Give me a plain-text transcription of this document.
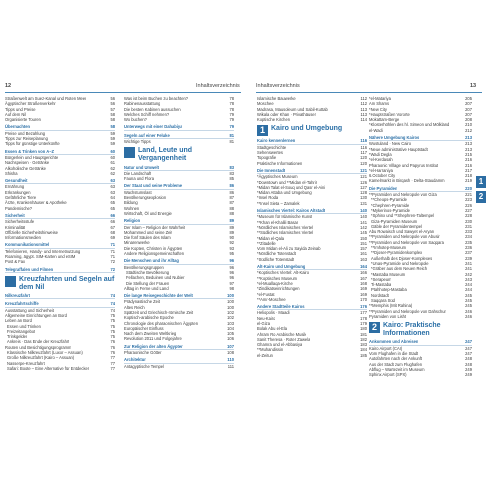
12	Inhaltsverzeichnis	Inhaltsverzeichnis	13
Straßenwelt am Suez-Kanal und Roten Meer	56
Ägyptischer Straßenverkehr	56
Tipps und Preise	57
Auf dem Nil	58
Organisierte Touren	58
Übernachten	58
Preise und Bezahlung	59
Tipps zur Reiseplanung	59
Tipps für günstige Unterkünfte	59
Essen & Trinken von A–Z	60
Bürgerlein und Hauptgerichte	60
Nachspeisen · Getränke	61
Alkoholische Getränke	62
Shisha	62
Gesundheit	63
Ernährung	63
Erkrankungen	63
Gefährliche Tiere	64
Ärzte, Krankenhäuser & Apotheke	65
Pandemische?	65
Sicherheit	66
Sicherheitsstufe	66
Kriminalität	67
Offizielle Sicherheitshinweise	68
Informationsmedien	69
Kommunikationsmittel	71
Telefonieren, Handy- und Internetnutzung	71
Roaming, ägypt. SIM-Karten und eSIM	71
Post & Fax	72
Telegraffalen und Filmen	72
Kreuzfahrten und Segeln auf dem Nil
Nilkreuzfahrt	74
Kreuzfahrtschiffe	74
Ausstattung und Sicherheit	74
Allgemeine Einrichtungen an Bord	75
Leben an Bord	75
Essen und Trinken	75
Freizeitangebot	75
Trinkgelder	75
Ankreis · Das Ende der Kreuzfahrt	76
Routen und Besichtigungsprogramm	76
Klassische Nilkreuzfahrt (Luxor – Assuan)	76
Große Nilkreuzfahrt (Kairo – Assuan)	77
Nasserpe-Kreuzfahrt	77
Safari: Boote – Eine Alternative für Entdecker	77
Was ist beim Buchen zu beachten?	78
Rabinenausstattung	78
Die besten Kabinen aussuchen	78
Welches Schiff nehmen?	79
Wo buchen?	79
Unterwegs mit einer Dahabiya	79
Segeln auf einer Feluke	81
Wichtige Tipps	81
Land, Leute und Vergangenheit
Natur und Umwelt	83
Die Landschaft	83
Fauna und Flora	85
Der Staat und seine Probleme	86
Wachstumslast	86
Bevölkerungsexplosion	87
Bildung	87
Wohnen	88
Wirtschaft, Öl und Energie	88
Religion	89
Der Islam – Religion der Wahrheit	89
Mohammed und seine Zeit	89
Die fünf Säulen des Islam	90
Minarenwerke	92
Die Kopten, Christen in Ägypten	93
Andere Religionsgemeinschaften	95
Die Menschen und ihr Alltag	96
Bevölkerungsgruppen	96
Städtische Bevölkerung	96
Fellachen, Beduinen und Nubier	96
Die Stellung der Frauen	97
Alltag in Ferne und Land	98
Die lange Reisegeschichte der Welt	100
Prädynastische Zeit	100
Altes Reich	100
Spätzeit und Griechisch-römische Zeit	102
Koptisch-arabische Epoche	102
Chronologie des pharaonischen Ägypten	103
Europäischer Einfluss	104
Nach dem Zweiten Weltkrieg	105
Revolution 2011 und Folgejahre	106
Zur Religion der alten Ägypter	107
Pharaonische Götter	108
Architektur	110
Antagyptische Tempel	111
Islamische Bauwerke	112
Moschee	112
Madrasa, Mausoleum und Sabil-Kuttab	113
Wikala oder Khan · Privathäuser	113
Koptische Kirchen	114
1 Kairo und Umgebung
Kairo kennenlernen	116
Stadtgeschichte	116
Sehenswertes	117
Topografie	120
Praktische Informationen	120
Die Innenstadt	121
*Ägyptisches Museum	121
*Downtown und **Midan el-Tahrir	126
*Midan Talat el-Souq und Qasr el-Aini	127
*Midan Attaba und Umgebung	128
*Insel Roda	130
**Insel Sieta – Zamalek	131
Islamisches Viertel: Kairos Altstadt	140
*Museum für Islamische Kunst	140
**Khan el-Khalili Basar	141
*Nördliches Islamisches Viertel	142
**Südliches Islamisches Viertel	145
*Midan el-Qala	150
**Zitadelle	151
Vom Midan el-Ali zu Sayida Zeinab	157
*Nördliche Totenstadt	161
*Südliche Totenstadt	163
Alt-Kairo und Umgebung	164
*Koptisches Viertel: Alt-Kairo	166
**Koptisches Museum	167
*el-Muallaqa-Kirche	168
*Zindikatseinrichtungen	169
*el-Fustat	169
**Amr-Moschee	170
Andere Stadtteile Kairos	176
Heliopolis · Maadi	177
Neu-Kairo	178
el-Giza	179
Bolak Abu el-Ela	180
Ahram Ro Arabische Musik	181
Sanit Theresa · Roter Zawela	182
Ghamra und el-Abbasiya	183
**Muhandissin	184
el-Zeitun	185
*el-Matariya	205
Am Shams	207
*New City	207
*Hauptstraßen Vororte	207
Mokattam-Berge	208
*Klosterhöhlen des hl. Simeon und Mölkland	210
el-Wadi	212
Nähere Umgebung Kairos	213
Wustuland · New Cairo	213
*Neue administrative Hauptstadt	213
*Wadi Degla	215
*el-Kerdasah	216
Pharaonic Village und Papyrus Institut	216
*el-Harraniya	217
6.October City	218
Kamelmarkt in Birqash · Delta-Staudamm	219
Die Pyramiden	220
**Pyramiden und Nekropole von Giza	221
**Cheops-Pyramide	223
*Chephren-Pyramide	226
*Mykerinos-Pyramide	227
*Sphinx und **Shephren-Taltempel	228
Giza-Pyramiden Museum	230
Gäble der Pyramidentempel	231
Abu Rowaisch und Sawyet el-Aryan	233
**Pyramiden und Nekropole von Abusir	234
**Pyramiden und Nekropole von Saqqara	235
**Imhotep-Museum	236
**Djoser-Pyramidenkomplex	237
Außerhalb des Djoser-Komplexes	239
*Unas-Pyramide und Nekropole	241
*Gräber aus dem Neuen Reich	241
*Mastaba Museum	242
*Serapeum	243
Ti-Mastaba	244
Ptahhotep-Mastaba	244
Nordstadt	245
Saqqara Süd	245
**Memphis (Mit Rahina)	245
**Pyramiden und Nekropole von Dahschur	246
Pyramiden von Lisht	246
2 Kairo: Praktische Informationen
Ankommen und Abreisen	247
Kairo Airport (CAI)	247
Vom Flughafen in die Stadt	247
Autofahrten nach der Ankunft	248
Aus der Stadt zum Flughafen	248
Abflug – Wartezeit im Museum	249
Sphinx Airport (SPX)	249
1
2
